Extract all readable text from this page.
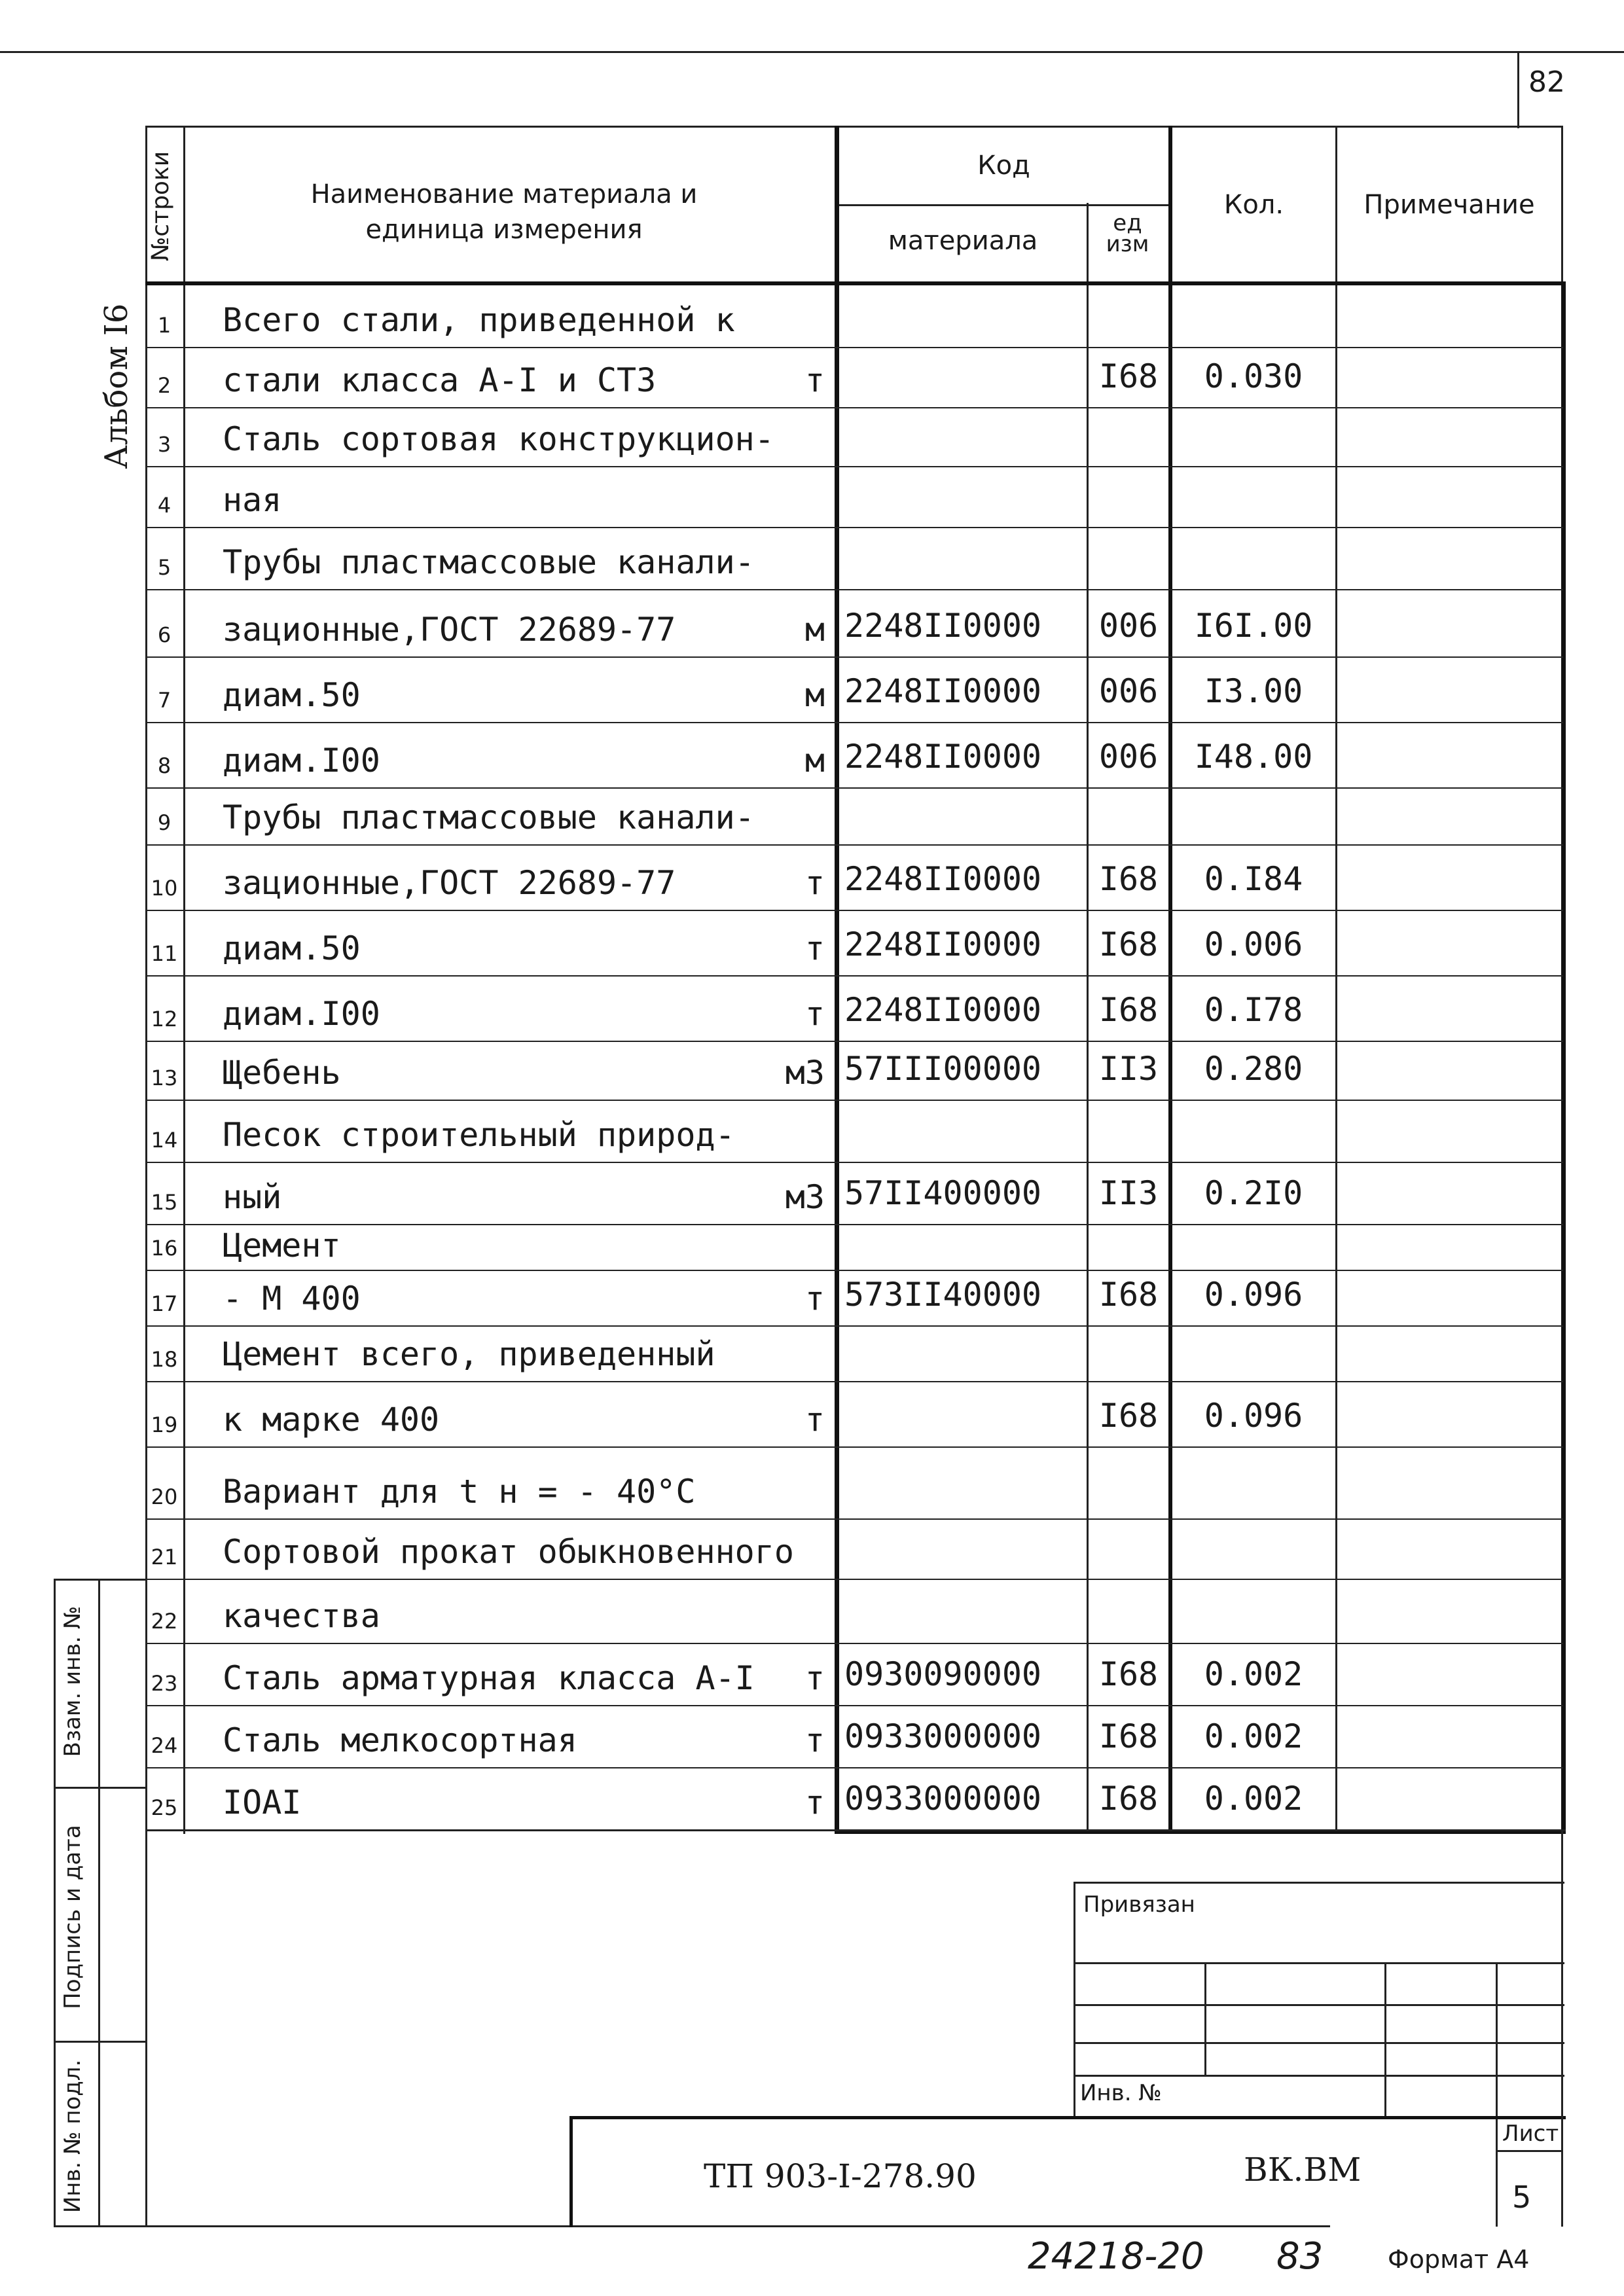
82
Альбом I6
№строки	Наименование материала и единица измерения
Код
материала
ед изм
Кол.	Примечание
1 Всего стали, приведенной к
2 стали класса А-I и СТ3	т	I68	0.030
3 Сталь сортовая конструкцион-
4 ная
5 Трубы пластмассовые канали-
6 зационные,ГОСТ 22689-77	м 2248II0000 006	I6I.00
7 диам.50	м 2248II0000 006	I3.00
8 диам.I00	м 2248II0000 006	I48.00
9 Трубы пластмассовые канали-
10 зационные,ГОСТ 22689-77	т 2248II0000 I68	0.I84
11 диам.50	т 2248II0000 I68	0.006
12 диам.I00	т 2248II0000 I68	0.I78
13 Щебень	м3 57III00000 II3	0.280
14 Песок строительный природ-
15 ный	м3 57II400000 II3	0.2I0
16 Цемент
17 - М 400	т 573II40000 I68	0.096
18 Цемент всего, приведенный
19 к марке 400	т	I68	0.096
20 Вариант для t н = - 40°С
21 Сортовой прокат обыкновенного
22 качества
23 Сталь арматурная класса А-I	т 0930090000 I68	0.002
24 Сталь мелкосортная	т 0933000000 I68	0.002
25 IOAI	т 0933000000 I68	0.002
Взам. инв. №
Подпись и дата
Инв. № подл.
Привязан
Инв. №
ТП 903-I-278.90	ВК.ВМ
Лист
5
24218-20 83	Формат А4
